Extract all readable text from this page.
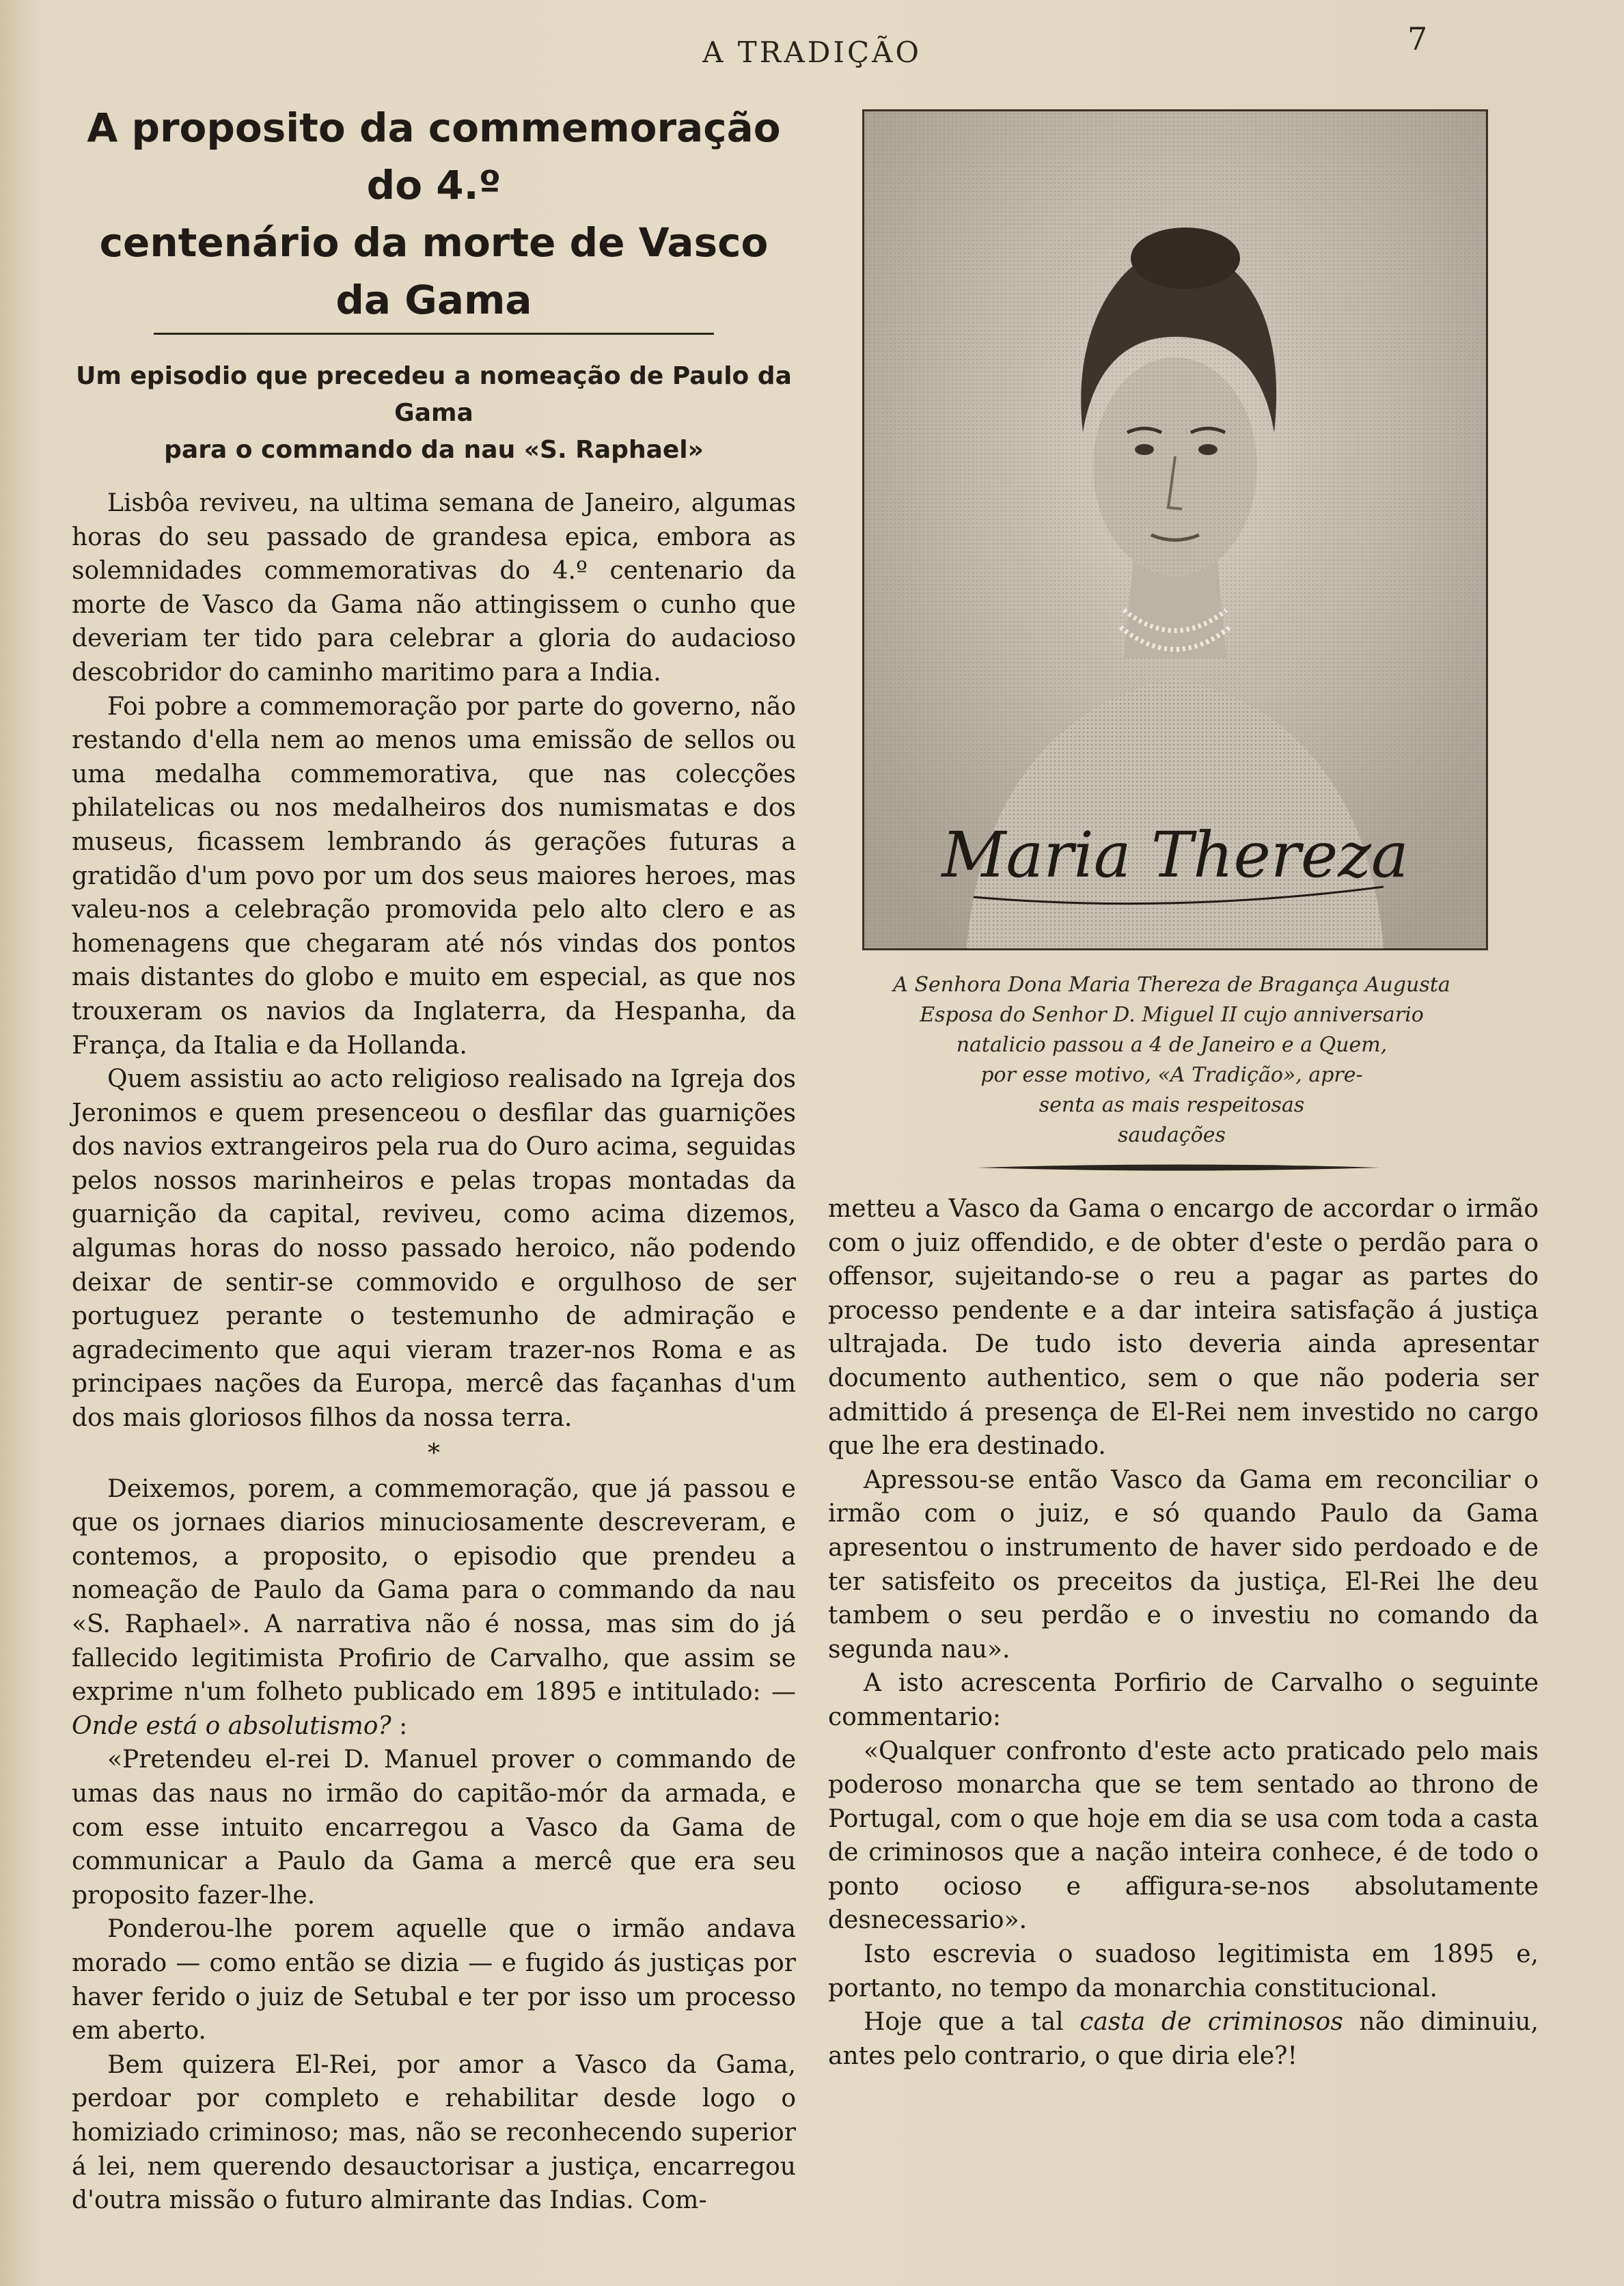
A TRADIÇÃO	7
A proposito da commemoração do 4.º
centenário da morte de Vasco da Gama
Um episodio que precedeu a nomeação de Paulo da Gama
para o commando da nau «S. Raphael»

Lisbôa reviveu, na ultima semana de Janeiro, algumas horas do seu passado de grandesa epica, embora as solemnidades commemorativas do 4.º centenario da morte de Vasco da Gama não attingissem o cunho que deveriam ter tido para celebrar a gloria do audacioso descobridor do caminho maritimo para a India.

Foi pobre a commemoração por parte do governo, não restando d'ella nem ao menos uma emissão de sellos ou uma medalha commemorativa, que nas colecções philatelicas ou nos medalheiros dos numismatas e dos museus, ficassem lembrando ás gerações futuras a gratidão d'um povo por um dos seus maiores heroes, mas valeu-nos a celebração promovida pelo alto clero e as homenagens que chegaram até nós vindas dos pontos mais distantes do globo e muito em especial, as que nos trouxeram os navios da Inglaterra, da Hespanha, da França, da Italia e da Hollanda.

Quem assistiu ao acto religioso realisado na Igreja dos Jeronimos e quem presenceou o desfilar das guarnições dos navios extrangeiros pela rua do Ouro acima, seguidas pelos nossos marinheiros e pelas tropas montadas da guarnição da capital, reviveu, como acima dizemos, algumas horas do nosso passado heroico, não podendo deixar de sentir-se commovido e orgulhoso de ser portuguez perante o testemunho de admiração e agradecimento que aqui vieram trazer-nos Roma e as principaes nações da Europa, mercê das façanhas d'um dos mais gloriosos filhos da nossa terra.

*

Deixemos, porem, a commemoração, que já passou e que os jornaes diarios minuciosamente descreveram, e contemos, a proposito, o episodio que prendeu a nomeação de Paulo da Gama para o commando da nau «S. Raphael». A narrativa não é nossa, mas sim do já fallecido legitimista Profirio de Carvalho, que assim se exprime n'um folheto publicado em 1895 e intitulado: — Onde está o absolutismo? :

«Pretendeu el-rei D. Manuel prover o commando de umas das naus no irmão do capitão-mór da armada, e com esse intuito encarregou a Vasco da Gama de communicar a Paulo da Gama a mercê que era seu proposito fazer-lhe.

Ponderou-lhe porem aquelle que o irmão andava morado — como então se dizia — e fugido ás justiças por haver ferido o juiz de Setubal e ter por isso um processo em aberto.

Bem quizera El-Rei, por amor a Vasco da Gama, perdoar por completo e rehabilitar desde logo o homiziado criminoso; mas, não se reconhecendo superior á lei, nem querendo desauctorisar a justiça, encarregou d'outra missão o futuro almirante das Indias. Com-

Maria Thereza
A Senhora Dona Maria Thereza de Bragança Augusta
Esposa do Senhor D. Miguel II cujo anniversario
natalicio passou a 4 de Janeiro e a Quem,
por esse motivo, «A Tradição», apre-
senta as mais respeitosas
saudações

metteu a Vasco da Gama o encargo de accordar o irmão com o juiz offendido, e de obter d'este o perdão para o offensor, sujeitando-se o reu a pagar as partes do processo pendente e a dar inteira satisfação á justiça ultrajada. De tudo isto deveria ainda apresentar documento authentico, sem o que não poderia ser admittido á presença de El-Rei nem investido no cargo que lhe era destinado.

Apressou-se então Vasco da Gama em reconciliar o irmão com o juiz, e só quando Paulo da Gama apresentou o instrumento de haver sido perdoado e de ter satisfeito os preceitos da justiça, El-Rei lhe deu tambem o seu perdão e o investiu no comando da segunda nau».

A isto acrescenta Porfirio de Carvalho o seguinte commentario:

«Qualquer confronto d'este acto praticado pelo mais poderoso monarcha que se tem sentado ao throno de Portugal, com o que hoje em dia se usa com toda a casta de criminosos que a nação inteira conhece, é de todo o ponto ocioso e affigura-se-nos absolutamente desnecessario».

Isto escrevia o suadoso legitimista em 1895 e, portanto, no tempo da monarchia constitucional.

Hoje que a tal casta de criminosos não diminuiu, antes pelo contrario, o que diria ele?!
